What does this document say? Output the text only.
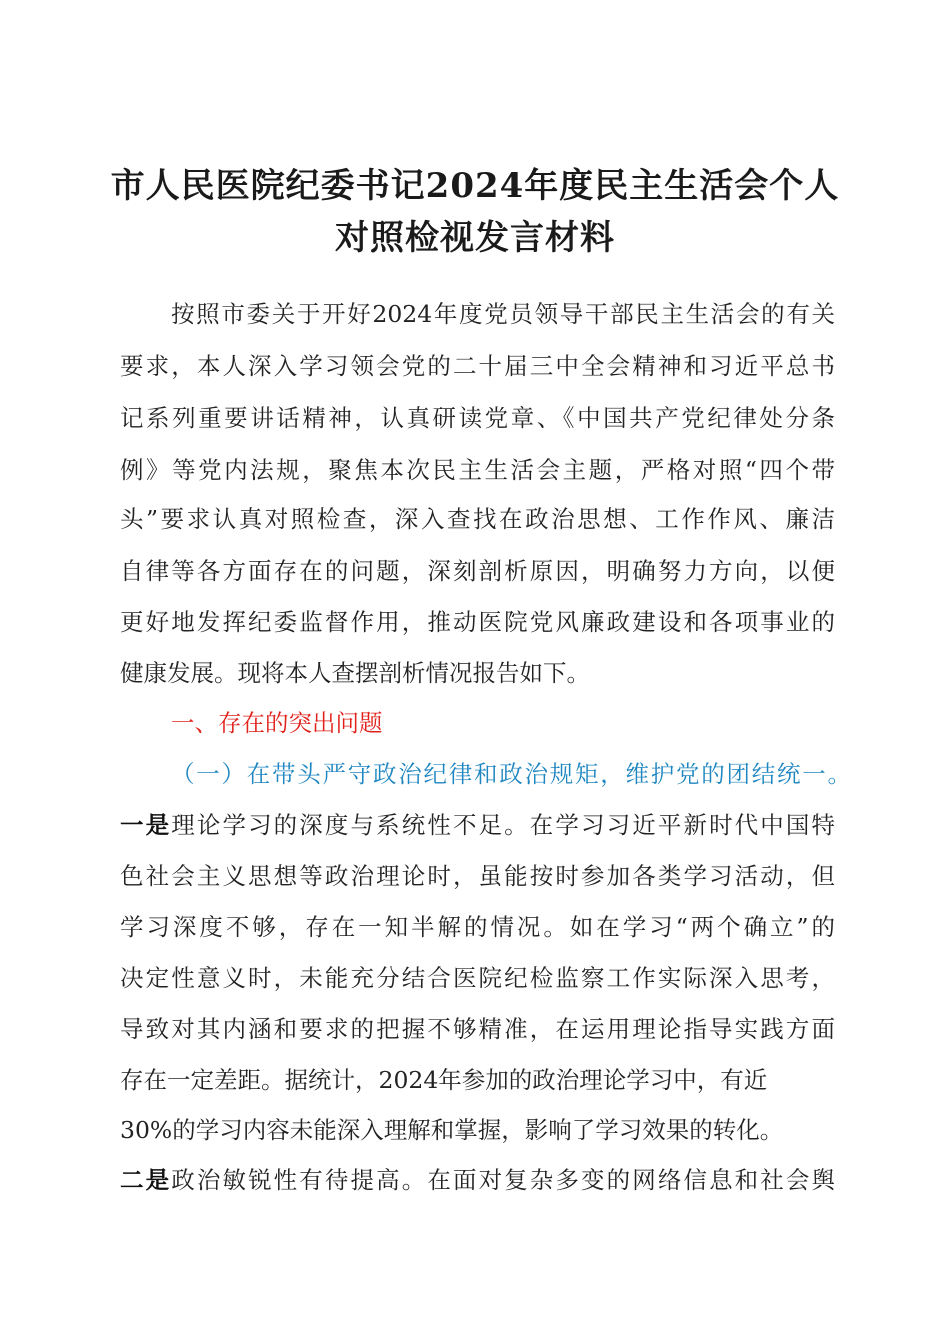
市人民医院纪委书记2024年度民主生活会个人
对照检视发言材料
按照市委关于开好2024年度党员领导干部民主生活会的有关
要求，本人深入学习领会党的二十届三中全会精神和习近平总书
记系列重要讲话精神，认真研读党章、《中国共产党纪律处分条
例》等党内法规，聚焦本次民主生活会主题，严格对照“四个带
头”要求认真对照检查，深入查找在政治思想、工作作风、廉洁
自律等各方面存在的问题，深刻剖析原因，明确努力方向，以便
更好地发挥纪委监督作用，推动医院党风廉政建设和各项事业的
健康发展。现将本人查摆剖析情况报告如下。
一、存在的突出问题
（一）在带头严守政治纪律和政治规矩，维护党的团结统一。
一是理论学习的深度与系统性不足。在学习习近平新时代中国特
色社会主义思想等政治理论时，虽能按时参加各类学习活动，但
学习深度不够，存在一知半解的情况。如在学习“两个确立”的
决定性意义时，未能充分结合医院纪检监察工作实际深入思考，
导致对其内涵和要求的把握不够精准，在运用理论指导实践方面
存在一定差距。据统计，2024年参加的政治理论学习中，有近
30%的学习内容未能深入理解和掌握，影响了学习效果的转化。
二是政治敏锐性有待提高。在面对复杂多变的网络信息和社会舆
